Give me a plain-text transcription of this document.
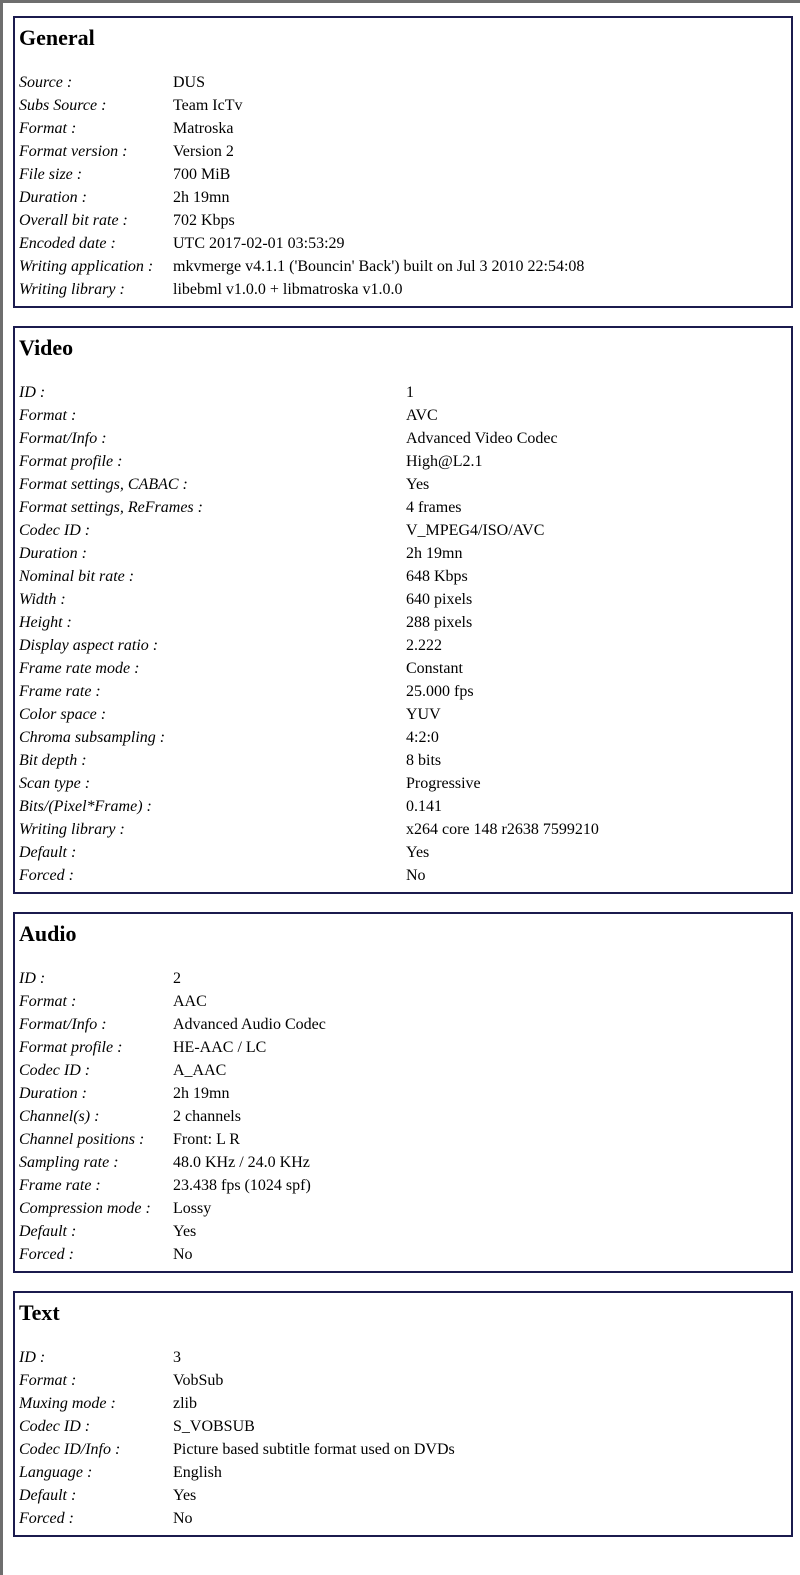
General
Source :	DUS
Subs Source :	Team IcTv
Format :	Matroska
Format version :	Version 2
File size :	700 MiB
Duration :	2h 19mn
Overall bit rate :	702 Kbps
Encoded date :	UTC 2017-02-01 03:53:29
Writing application :	mkvmerge v4.1.1 ('Bouncin' Back') built on Jul 3 2010 22:54:08
Writing library :	libebml v1.0.0 + libmatroska v1.0.0
Video
ID :	1
Format :	AVC
Format/Info :	Advanced Video Codec
Format profile :	High@L2.1
Format settings, CABAC :	Yes
Format settings, ReFrames :	4 frames
Codec ID :	V_MPEG4/ISO/AVC
Duration :	2h 19mn
Nominal bit rate :	648 Kbps
Width :	640 pixels
Height :	288 pixels
Display aspect ratio :	2.222
Frame rate mode :	Constant
Frame rate :	25.000 fps
Color space :	YUV
Chroma subsampling :	4:2:0
Bit depth :	8 bits
Scan type :	Progressive
Bits/(Pixel*Frame) :	0.141
Writing library :	x264 core 148 r2638 7599210
Default :	Yes
Forced :	No
Audio
ID :	2
Format :	AAC
Format/Info :	Advanced Audio Codec
Format profile :	HE-AAC / LC
Codec ID :	A_AAC
Duration :	2h 19mn
Channel(s) :	2 channels
Channel positions :	Front: L R
Sampling rate :	48.0 KHz / 24.0 KHz
Frame rate :	23.438 fps (1024 spf)
Compression mode :	Lossy
Default :	Yes
Forced :	No
Text
ID :	3
Format :	VobSub
Muxing mode :	zlib
Codec ID :	S_VOBSUB
Codec ID/Info :	Picture based subtitle format used on DVDs
Language :	English
Default :	Yes
Forced :	No
